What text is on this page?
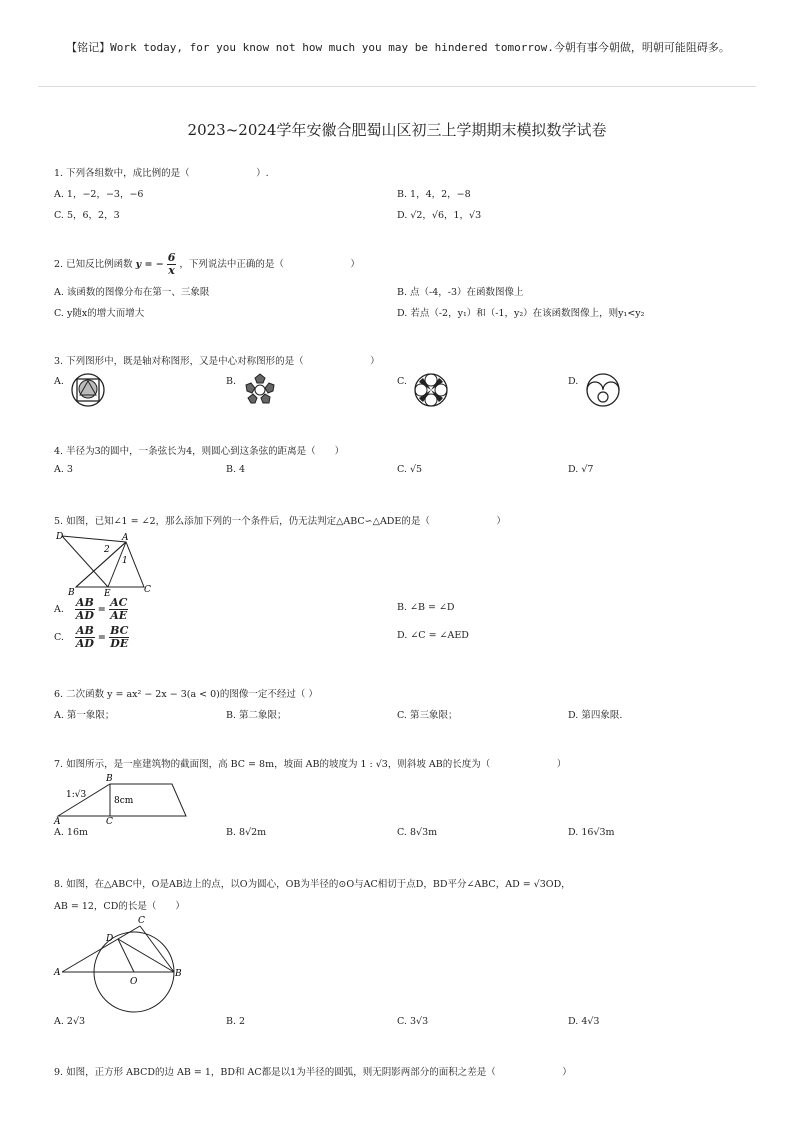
【铭记】Work today, for you know not how much you may be hindered tomorrow.今朝有事今朝做，明朝可能阻碍多。
2023~2024学年安徽合肥蜀山区初三上学期期末模拟数学试卷
1. 下列各组数中，成比例的是（　　　　　　　）.
A. 1，−2，−3，−6	B. 1，4，2，−8
C. 5，6，2，3	D. √2，√6，1，√3
2. 已知反比例函数 y = − $\frac{6}{x}$ ，下列说法中正确的是（　　　　　　　）
A. 该函数的图像分布在第一、三象限	B. 点（-4，-3）在函数图像上
C. y随x的增大而增大	D. 若点（-2，y₁）和（-1，y₂）在该函数图像上，则y₁<y₂
3. 下列图形中，既是轴对称图形，又是中心对称图形的是（　　　　　　　）
A.	B.	C.	D.
4. 半径为3的圆中，一条弦长为4，则圆心到这条弦的距离是（　　）
A. 3	B. 4	C. √5	D. √7
5. 如图，已知∠1 = ∠2，那么添加下列的一个条件后，仍无法判定△ABC∽△ADE的是（　　　　　　　）
D	A
2
1
B	E	C
A. $\frac{AB}{AD} = \frac{AC}{AE}$	B. ∠B = ∠D
C. $\frac{AB}{AD} = \frac{BC}{DE}$	D. ∠C = ∠AED
6. 二次函数 y = ax² − 2x − 3(a < 0)的图像一定不经过（ ）
A. 第一象限；	B. 第二象限；	C. 第三象限；	D. 第四象限.
7. 如图所示，是一座建筑物的截面图，高 BC = 8m，坡面 AB的坡度为 1 : √3，则斜坡 AB的长度为（　　　　　　　）
B
1:√3
8cm
A	C
A. 16m	B. 8√2m	C. 8√3m	D. 16√3m
8. 如图，在△ABC中，O是AB边上的点，以O为圆心，OB为半径的⊙O与AC相切于点D，BD平分∠ABC，AD = √3OD，
AB = 12，CD的长是（　　）
C
D
A
O
B
A. 2√3	B. 2	C. 3√3	D. 4√3
9. 如图，正方形 ABCD的边 AB = 1，BD和 AC都是以1为半径的圆弧，则无阴影两部分的面积之差是（　　　　　　　）
